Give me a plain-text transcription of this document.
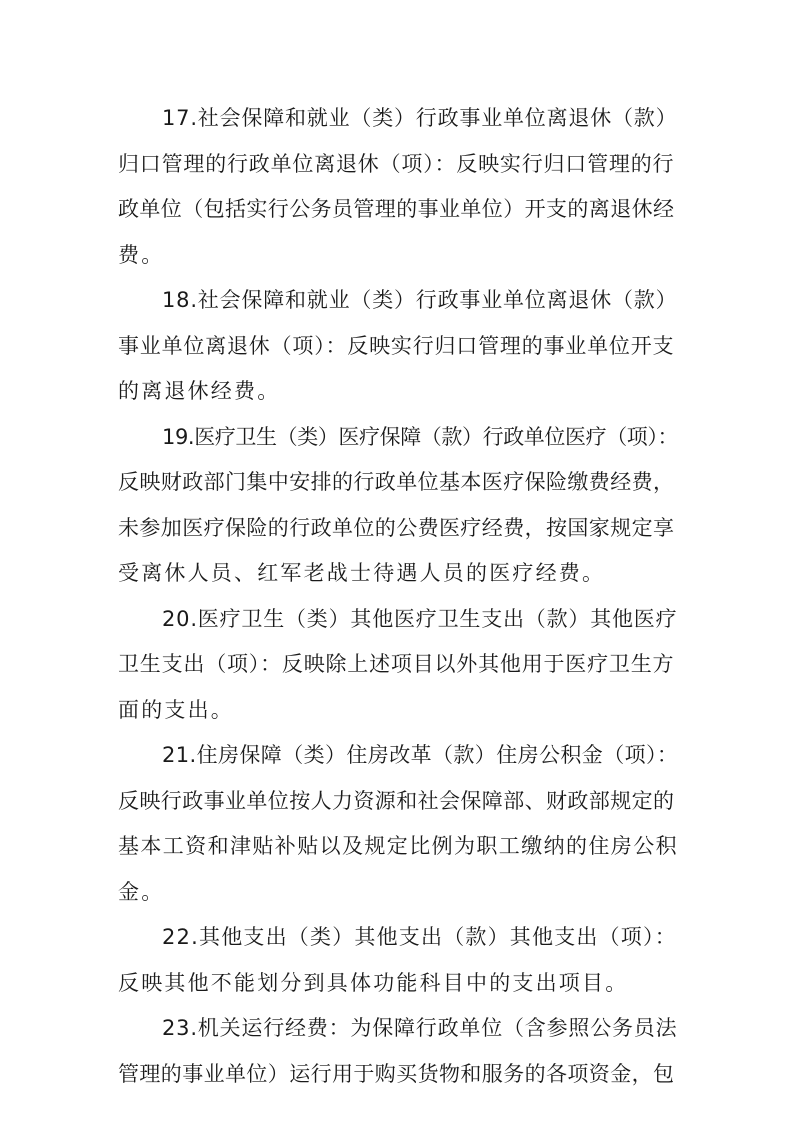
17.社会保障和就业（类）行政事业单位离退休（款）
归口管理的行政单位离退休（项）：反映实行归口管理的行
政单位（包括实行公务员管理的事业单位）开支的离退休经
费。

18.社会保障和就业（类）行政事业单位离退休（款）
事业单位离退休（项）：反映实行归口管理的事业单位开支
的离退休经费。

19.医疗卫生（类）医疗保障（款）行政单位医疗（项）：
反映财政部门集中安排的行政单位基本医疗保险缴费经费，
未参加医疗保险的行政单位的公费医疗经费，按国家规定享
受离休人员、红军老战士待遇人员的医疗经费。

20.医疗卫生（类）其他医疗卫生支出（款）其他医疗
卫生支出（项）：反映除上述项目以外其他用于医疗卫生方
面的支出。

21.住房保障（类）住房改革（款）住房公积金（项）：
反映行政事业单位按人力资源和社会保障部、财政部规定的
基本工资和津贴补贴以及规定比例为职工缴纳的住房公积
金。

22.其他支出（类）其他支出（款）其他支出（项）：
反映其他不能划分到具体功能科目中的支出项目。

23.机关运行经费：为保障行政单位（含参照公务员法
管理的事业单位）运行用于购买货物和服务的各项资金，包
